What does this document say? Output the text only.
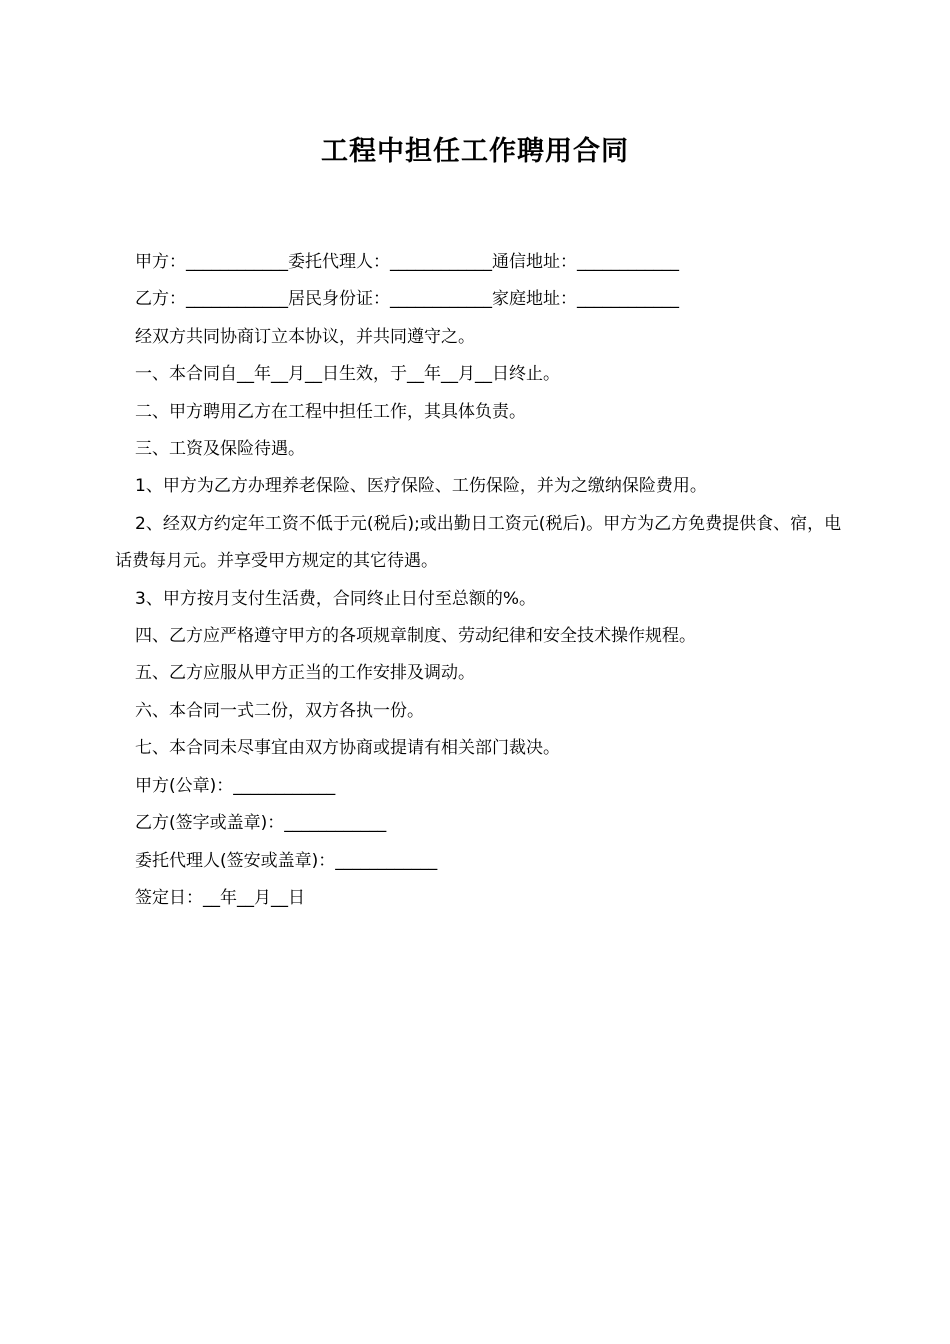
工程中担任工作聘用合同

甲方：____________委托代理人：____________通信地址：____________

乙方：____________居民身份证：____________家庭地址：____________

经双方共同协商订立本协议，并共同遵守之。

一、本合同自__年__月__日生效，于__年__月__日终止。

二、甲方聘用乙方在工程中担任工作，其具体负责。

三、工资及保险待遇。

1、甲方为乙方办理养老保险、医疗保险、工伤保险，并为之缴纳保险费用。

2、经双方约定年工资不低于元(税后);或出勤日工资元(税后)。甲方为乙方免费提供食、宿，电话费每月元。并享受甲方规定的其它待遇。

3、甲方按月支付生活费，合同终止日付至总额的%。

四、乙方应严格遵守甲方的各项规章制度、劳动纪律和安全技术操作规程。

五、乙方应服从甲方正当的工作安排及调动。

六、本合同一式二份，双方各执一份。

七、本合同未尽事宜由双方协商或提请有相关部门裁决。

甲方(公章)：____________

乙方(签字或盖章)：____________

委托代理人(签安或盖章)：____________

签定日：__年__月__日
